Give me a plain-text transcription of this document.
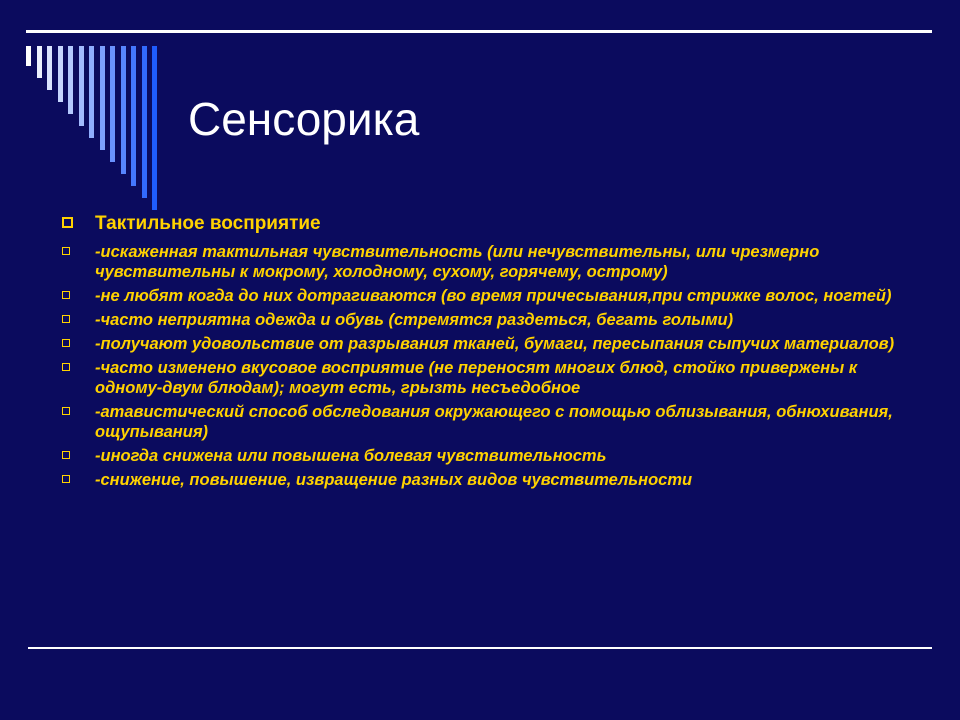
Сенсорика
Тактильное восприятие
-искаженная тактильная чувствительность (или нечувствительны, или чрезмерно чувствительны к мокрому, холодному, сухому, горячему, острому)
-не любят когда до них дотрагиваются (во время причесывания,при стрижке волос, ногтей)
-часто неприятна одежда и обувь (стремятся раздеться, бегать голыми)
-получают удовольствие от разрывания тканей, бумаги, пересыпания сыпучих материалов)
-часто изменено вкусовое восприятие (не переносят многих блюд, стойко привержены к одному-двум блюдам); могут есть, грызть несъедобное
-атавистический способ обследования окружающего с помощью облизывания, обнюхивания, ощупывания)
-иногда снижена или повышена болевая чувствительность
-снижение, повышение, извращение разных видов чувствительности
